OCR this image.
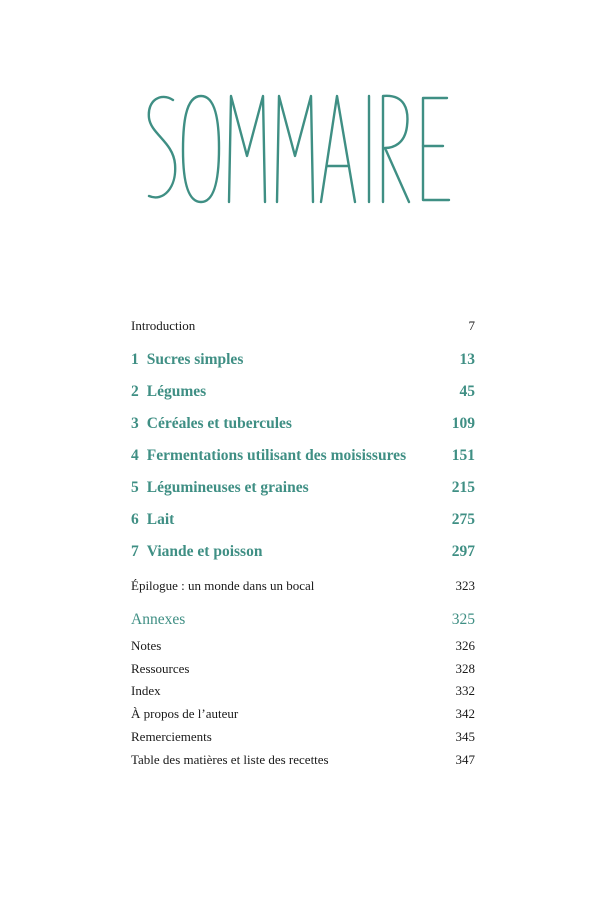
Introduction	7
1 Sucres simples	13
2 Légumes	45
3 Céréales et tubercules	109
4 Fermentations utilisant des moisissures	151
5 Légumineuses et graines	215
6 Lait	275
7 Viande et poisson	297
Épilogue : un monde dans un bocal	323
Annexes	325
Notes	326
Ressources	328
Index	332
À propos de l’auteur	342
Remerciements	345
Table des matières et liste des recettes	347
